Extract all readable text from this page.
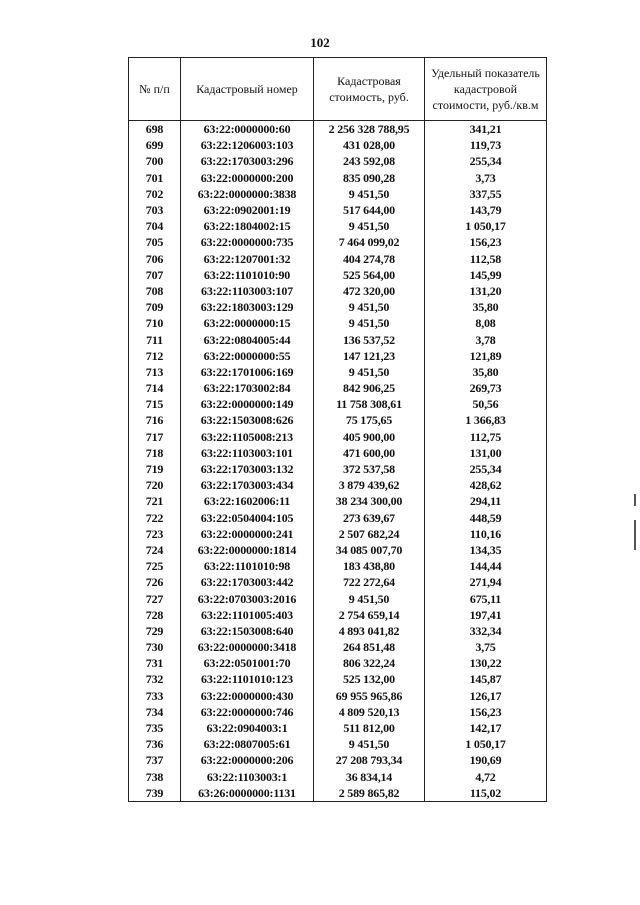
102
№ п/п	Кадастровый номер	Кадастровая стоимость, руб.	Удельный показатель кадастровой стоимости, руб./кв.м
698	63:22:0000000:60	2 256 328 788,95	341,21
699	63:22:1206003:103	431 028,00	119,73
700	63:22:1703003:296	243 592,08	255,34
701	63:22:0000000:200	835 090,28	3,73
702	63:22:0000000:3838	9 451,50	337,55
703	63:22:0902001:19	517 644,00	143,79
704	63:22:1804002:15	9 451,50	1 050,17
705	63:22:0000000:735	7 464 099,02	156,23
706	63:22:1207001:32	404 274,78	112,58
707	63:22:1101010:90	525 564,00	145,99
708	63:22:1103003:107	472 320,00	131,20
709	63:22:1803003:129	9 451,50	35,80
710	63:22:0000000:15	9 451,50	8,08
711	63:22:0804005:44	136 537,52	3,78
712	63:22:0000000:55	147 121,23	121,89
713	63:22:1701006:169	9 451,50	35,80
714	63:22:1703002:84	842 906,25	269,73
715	63:22:0000000:149	11 758 308,61	50,56
716	63:22:1503008:626	75 175,65	1 366,83
717	63:22:1105008:213	405 900,00	112,75
718	63:22:1103003:101	471 600,00	131,00
719	63:22:1703003:132	372 537,58	255,34
720	63:22:1703003:434	3 879 439,62	428,62
721	63:22:1602006:11	38 234 300,00	294,11
722	63:22:0504004:105	273 639,67	448,59
723	63:22:0000000:241	2 507 682,24	110,16
724	63:22:0000000:1814	34 085 007,70	134,35
725	63:22:1101010:98	183 438,80	144,44
726	63:22:1703003:442	722 272,64	271,94
727	63:22:0703003:2016	9 451,50	675,11
728	63:22:1101005:403	2 754 659,14	197,41
729	63:22:1503008:640	4 893 041,82	332,34
730	63:22:0000000:3418	264 851,48	3,75
731	63:22:0501001:70	806 322,24	130,22
732	63:22:1101010:123	525 132,00	145,87
733	63:22:0000000:430	69 955 965,86	126,17
734	63:22:0000000:746	4 809 520,13	156,23
735	63:22:0904003:1	511 812,00	142,17
736	63:22:0807005:61	9 451,50	1 050,17
737	63:22:0000000:206	27 208 793,34	190,69
738	63:22:1103003:1	36 834,14	4,72
739	63:26:0000000:1131	2 589 865,82	115,02
